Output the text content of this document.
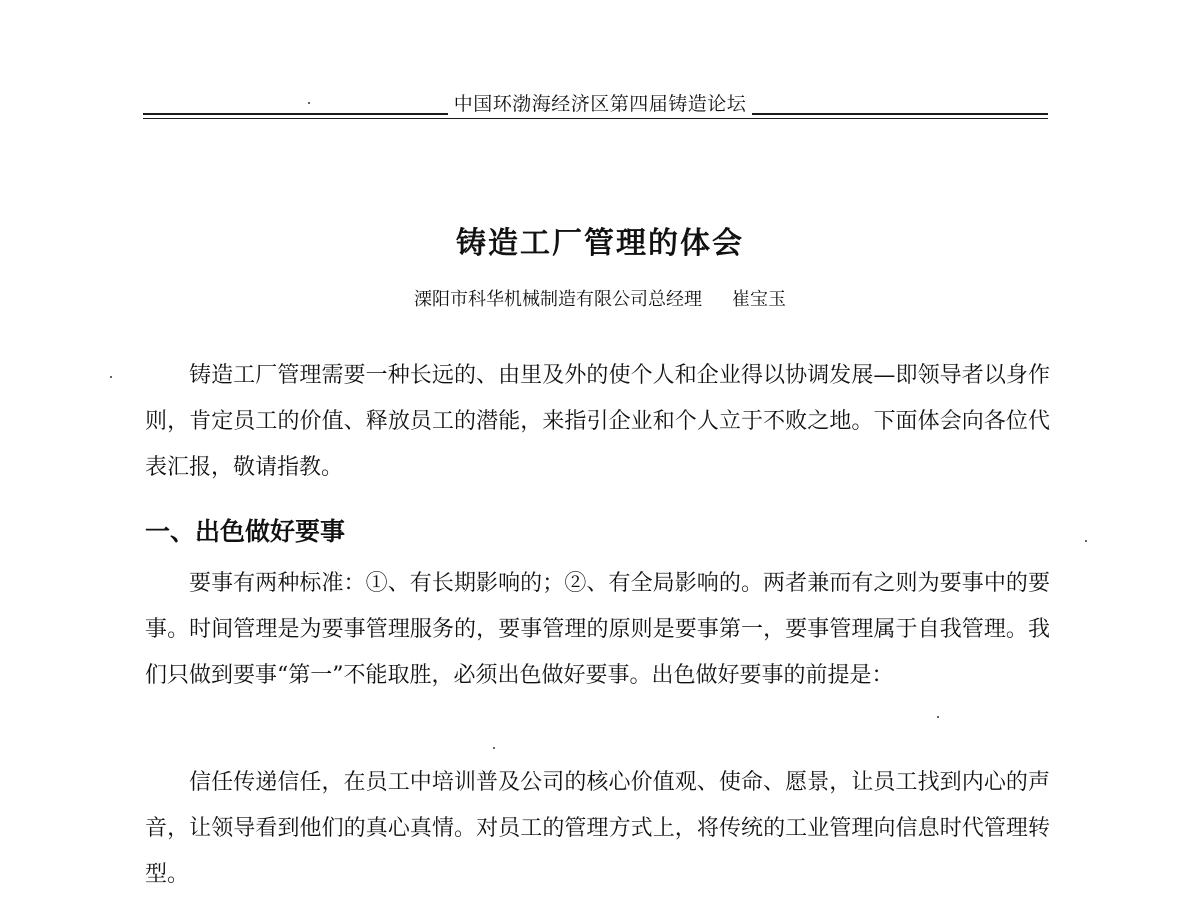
中国环渤海经济区第四届铸造论坛
铸造工厂管理的体会
溧阳市科华机械制造有限公司总经理 崔宝玉

铸造工厂管理需要一种长远的、由里及外的使个人和企业得以协调发展—即领导者以身作则，肯定员工的价值、释放员工的潜能，来指引企业和个人立于不败之地。下面体会向各位代表汇报，敬请指教。

一、出色做好要事

要事有两种标准：①、有长期影响的；②、有全局影响的。两者兼而有之则为要事中的要事。时间管理是为要事管理服务的，要事管理的原则是要事第一，要事管理属于自我管理。我们只做到要事“第一”不能取胜，必须出色做好要事。出色做好要事的前提是：

信任传递信任，在员工中培训普及公司的核心价值观、使命、愿景，让员工找到内心的声音，让领导看到他们的真心真情。对员工的管理方式上，将传统的工业管理向信息时代管理转型。
